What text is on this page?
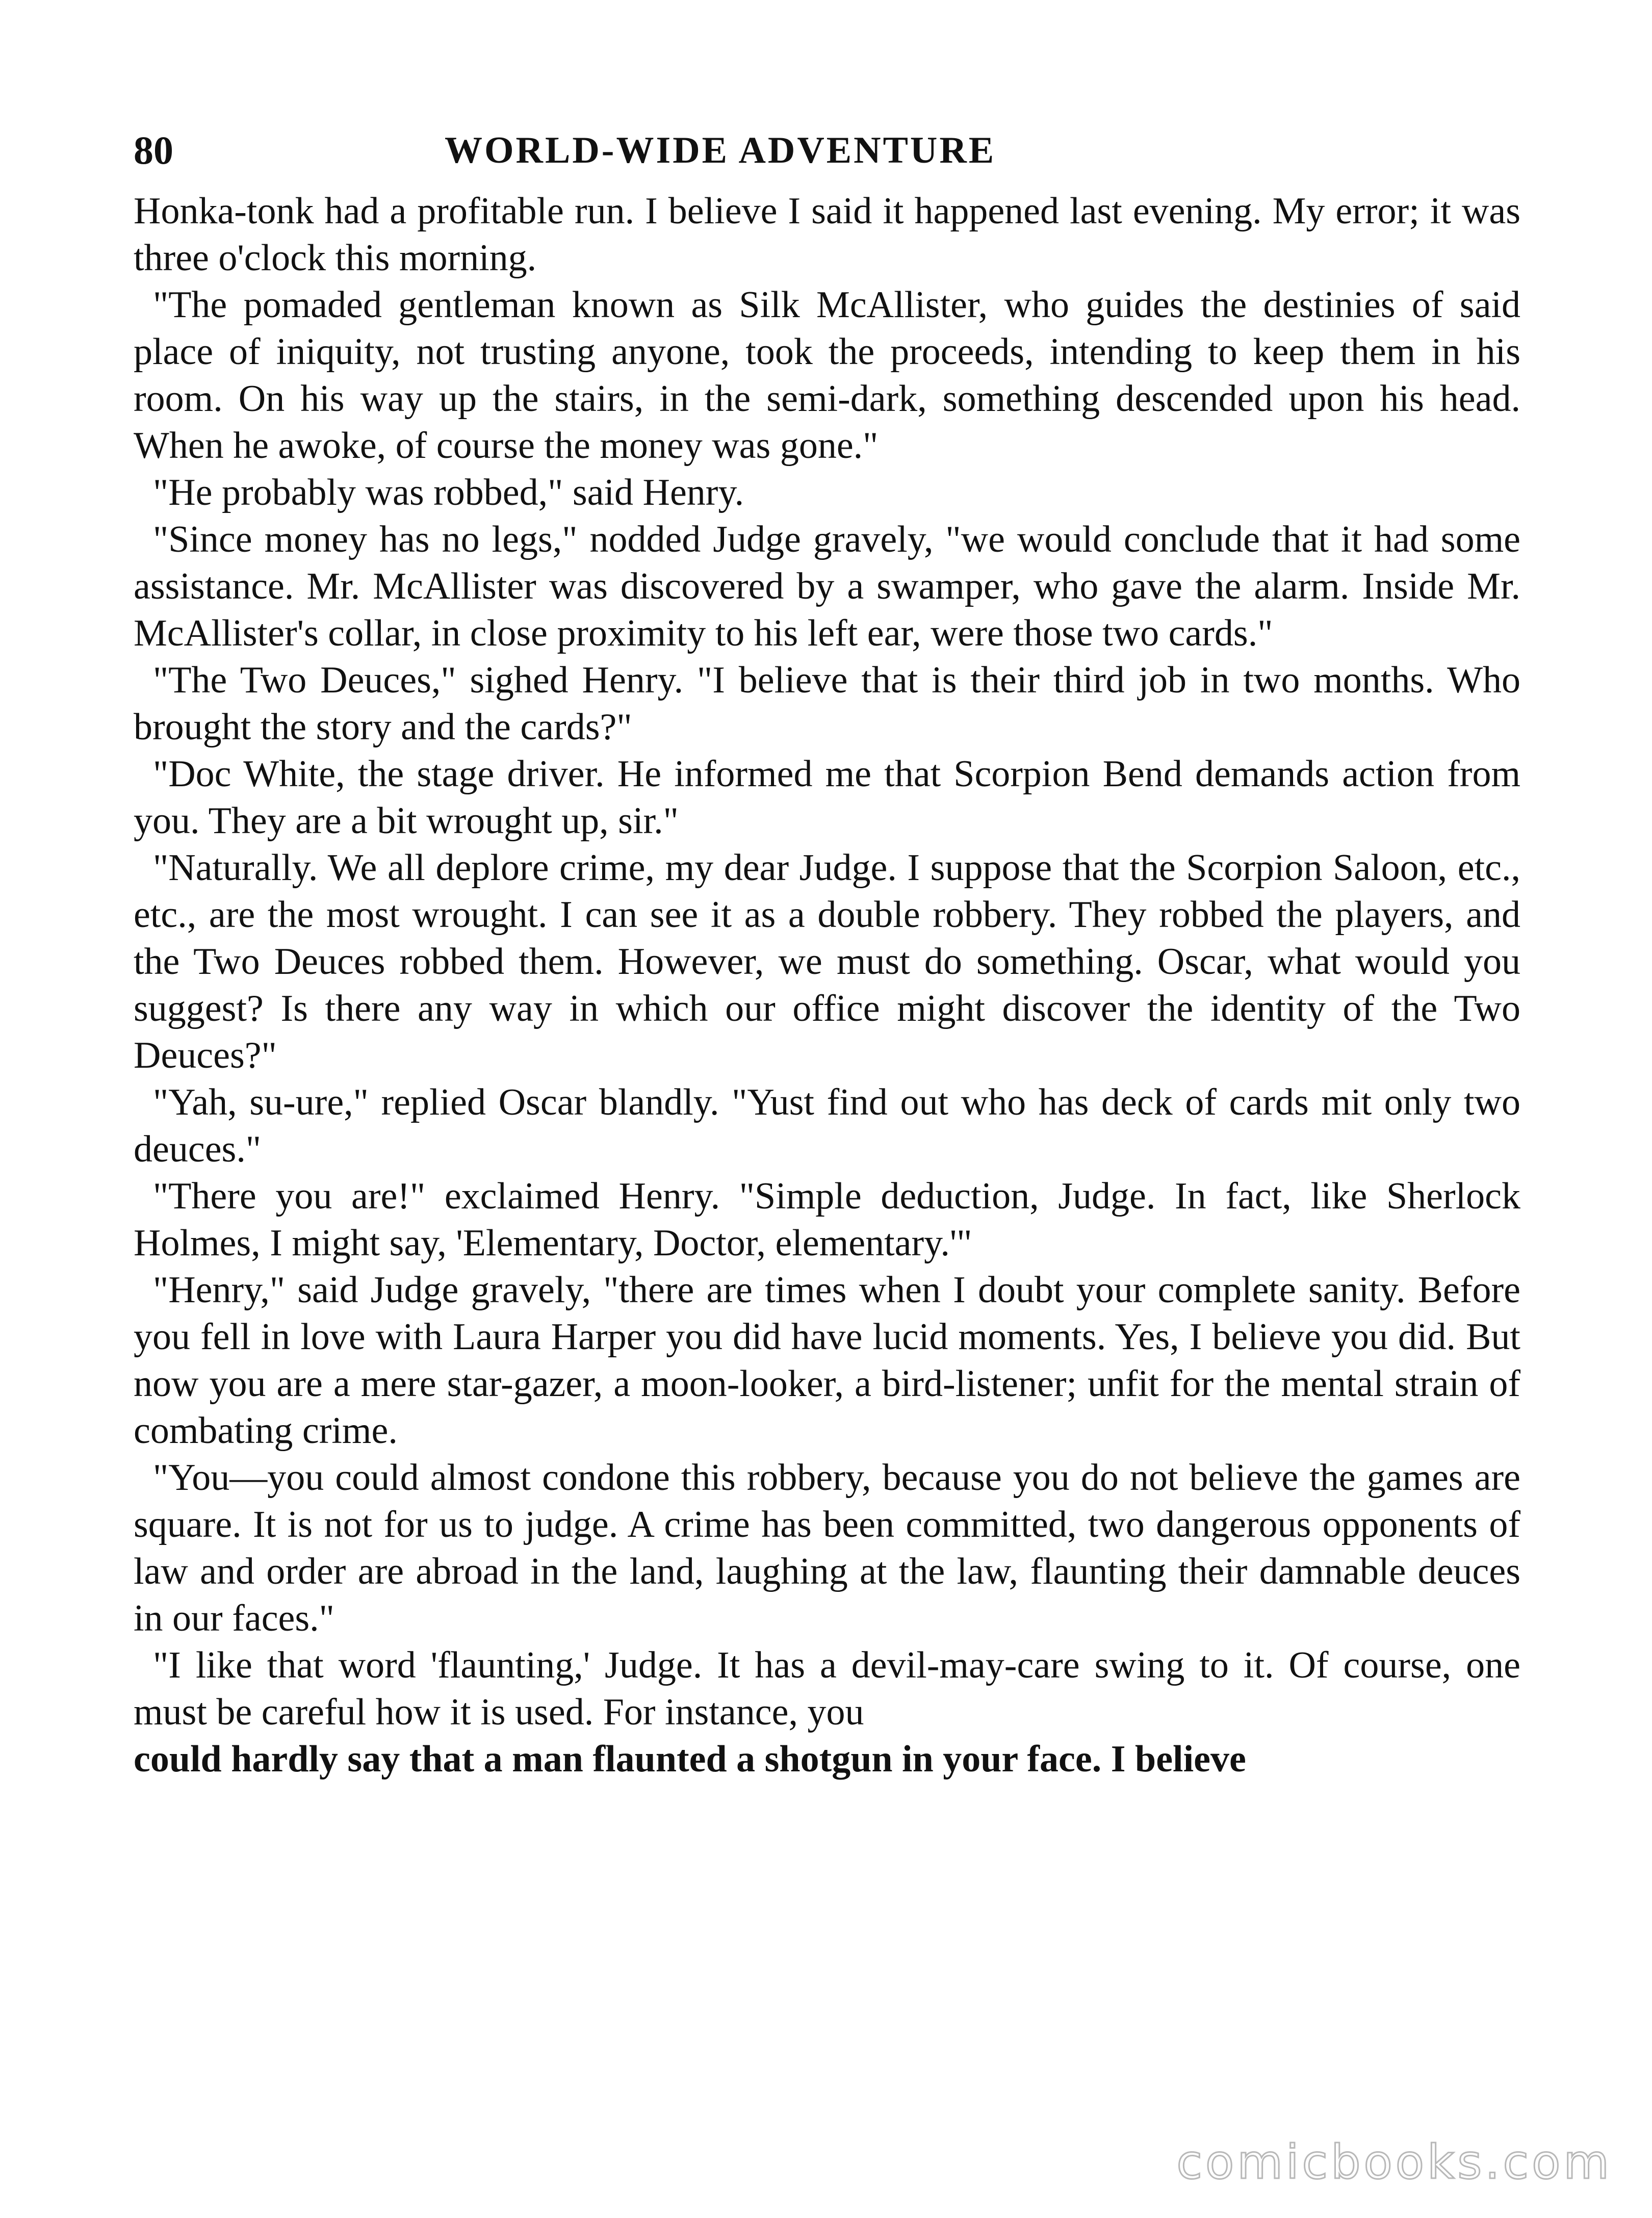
80	WORLD-WIDE ADVENTURE

Honka-tonk had a profitable run. I believe I said it happened last evening. My error; it was three o'clock this morning.

"The pomaded gentleman known as Silk McAllister, who guides the destinies of said place of iniquity, not trusting anyone, took the proceeds, intending to keep them in his room. On his way up the stairs, in the semi-dark, something descended upon his head. When he awoke, of course the money was gone."

"He probably was robbed," said Henry.

"Since money has no legs," nodded Judge gravely, "we would conclude that it had some assistance. Mr. McAllister was discovered by a swamper, who gave the alarm. Inside Mr. McAllister's collar, in close proximity to his left ear, were those two cards."

"The Two Deuces," sighed Henry. "I believe that is their third job in two months. Who brought the story and the cards?"

"Doc White, the stage driver. He informed me that Scorpion Bend demands action from you. They are a bit wrought up, sir."

"Naturally. We all deplore crime, my dear Judge. I suppose that the Scorpion Saloon, etc., etc., are the most wrought. I can see it as a double robbery. They robbed the players, and the Two Deuces robbed them. However, we must do something. Oscar, what would you suggest? Is there any way in which our office might discover the identity of the Two Deuces?"

"Yah, su-ure," replied Oscar blandly. "Yust find out who has deck of cards mit only two deuces."

"There you are!" exclaimed Henry. "Simple deduction, Judge. In fact, like Sherlock Holmes, I might say, 'Elementary, Doctor, elementary.'"

"Henry," said Judge gravely, "there are times when I doubt your complete sanity. Before you fell in love with Laura Harper you did have lucid moments. Yes, I believe you did. But now you are a mere star-gazer, a moon-looker, a bird-listener; unfit for the mental strain of combating crime.

"You—you could almost condone this robbery, because you do not believe the games are square. It is not for us to judge. A crime has been committed, two dangerous opponents of law and order are abroad in the land, laughing at the law, flaunting their damnable deuces in our faces."

"I like that word 'flaunting,' Judge. It has a devil-may-care swing to it. Of course, one must be careful how it is used. For instance, you

could hardly say that a man flaunted a shotgun in your face. I believe

comicbooks.com
